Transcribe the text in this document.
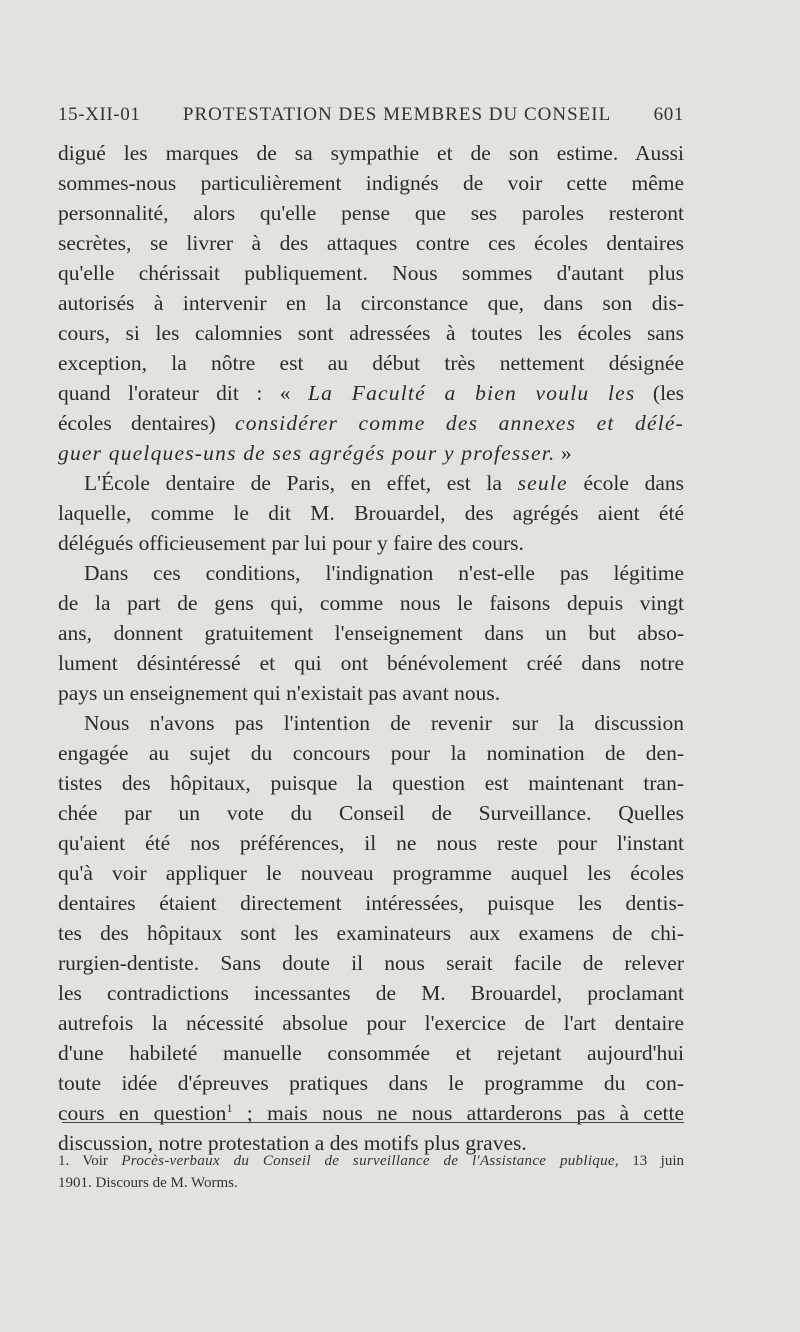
15-XII-01 PROTESTATION DES MEMBRES DU CONSEIL 601
digué les marques de sa sympathie et de son estime. Aussi
sommes-nous particulièrement indignés de voir cette même
personnalité, alors qu'elle pense que ses paroles resteront
secrètes, se livrer à des attaques contre ces écoles dentaires
qu'elle chérissait publiquement. Nous sommes d'autant plus
autorisés à intervenir en la circonstance que, dans son dis-
cours, si les calomnies sont adressées à toutes les écoles sans
exception, la nôtre est au début très nettement désignée
quand l'orateur dit : « La Faculté a bien voulu les (les
écoles dentaires) considérer comme des annexes et délé-
guer quelques-uns de ses agrégés pour y professer. »
L'École dentaire de Paris, en effet, est la seule école dans
laquelle, comme le dit M. Brouardel, des agrégés aient été
délégués officieusement par lui pour y faire des cours.
Dans ces conditions, l'indignation n'est-elle pas légitime
de la part de gens qui, comme nous le faisons depuis vingt
ans, donnent gratuitement l'enseignement dans un but abso-
lument désintéressé et qui ont bénévolement créé dans notre
pays un enseignement qui n'existait pas avant nous.
Nous n'avons pas l'intention de revenir sur la discussion
engagée au sujet du concours pour la nomination de den-
tistes des hôpitaux, puisque la question est maintenant tran-
chée par un vote du Conseil de Surveillance. Quelles
qu'aient été nos préférences, il ne nous reste pour l'instant
qu'à voir appliquer le nouveau programme auquel les écoles
dentaires étaient directement intéressées, puisque les dentis-
tes des hôpitaux sont les examinateurs aux examens de chi-
rurgien-dentiste. Sans doute il nous serait facile de relever
les contradictions incessantes de M. Brouardel, proclamant
autrefois la nécessité absolue pour l'exercice de l'art dentaire
d'une habileté manuelle consommée et rejetant aujourd'hui
toute idée d'épreuves pratiques dans le programme du con-
cours en question$^1$ ; mais nous ne nous attarderons pas à cette
discussion, notre protestation a des motifs plus graves.
1. Voir Procès-verbaux du Conseil de surveillance de l'Assistance publique, 13 juin
1901. Discours de M. Worms.
